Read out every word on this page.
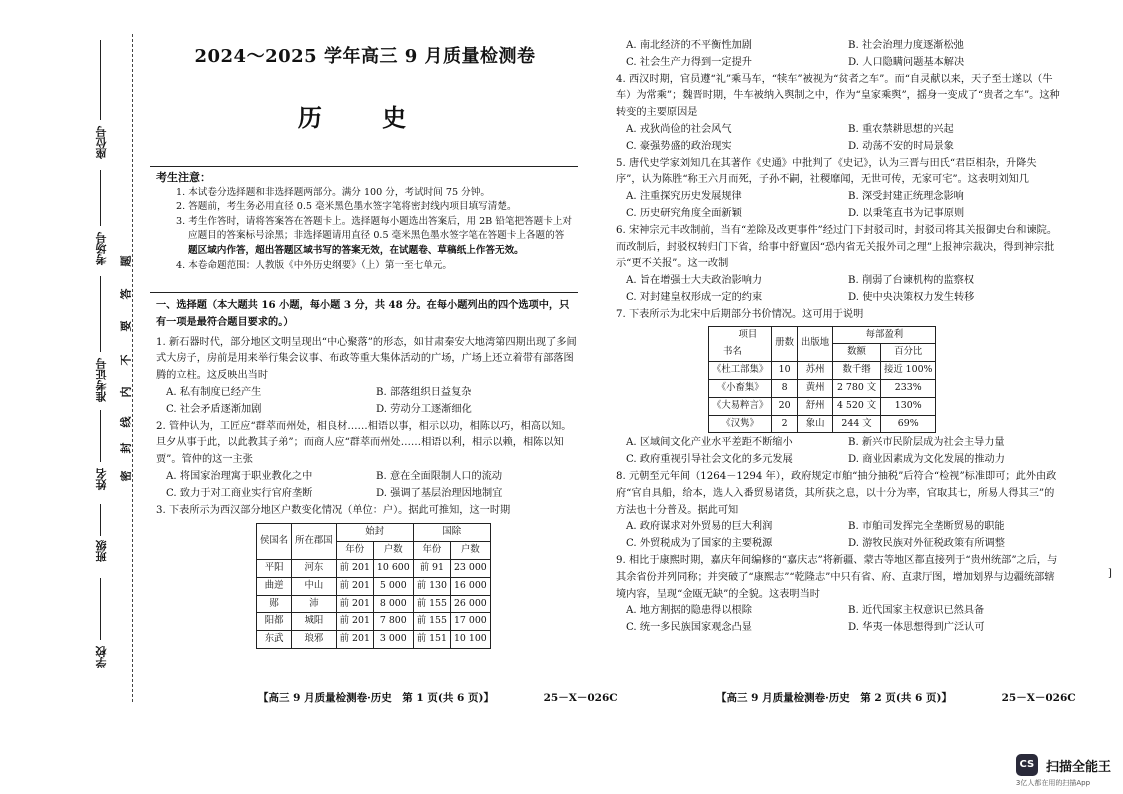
座位号
考场号
准考证号
姓名
班级
学校
题
答
要
不
内
线
封
密
2024～2025 学年高三 9 月质量检测卷
历 史
考生注意：
1. 本试卷分选择题和非选择题两部分。满分 100 分，考试时间 75 分钟。
2. 答题前，考生务必用直径 0.5 毫米黑色墨水签字笔将密封线内项目填写清楚。
3. 考生作答时，请将答案答在答题卡上。选择题每小题选出答案后，用 2B 铅笔把答题卡上对
应题目的答案标号涂黑；非选择题请用直径 0.5 毫米黑色墨水签字笔在答题卡上各题的答
题区域内作答，超出答题区域书写的答案无效，在试题卷、草稿纸上作答无效。
4. 本卷命题范围：人教版《中外历史纲要》（上）第一至七单元。

一、选择题（本大题共 16 小题，每小题 3 分，共 48 分。在每小题列出的四个选项中，只有一项是最符合题目要求的。）

1. 新石器时代，部分地区文明呈现出“中心聚落”的形态，如甘肃秦安大地湾第四期出现了多间式大房子，房前是用来举行集会议事、布政等重大集体活动的广场，广场上还立着带有部落图腾的立柱。这反映出当时

A. 私有制度已经产生	B. 部落组织日益复杂
C. 社会矛盾逐渐加剧	D. 劳动分工逐渐细化

2. 管仲认为，工匠应“群萃而州处，相良材……相语以事，相示以功，相陈以巧，相高以知。旦夕从事于此，以此教其子弟”；而商人应“群萃而州处……相语以利，相示以赖，相陈以知贾”。管仲的这一主张

A. 将国家治理寓于职业教化之中	B. 意在全面限制人口的流动
C. 致力于对工商业实行官府垄断	D. 强调了基层治理因地制宜

3. 下表所示为西汉部分地区户数变化情况（单位：户）。据此可推知，这一时期

侯国名	所在郡国	始封		国除	
		年份	户数	年份	户数
平阳	河东	前 201	10 600	前 91	23 000
曲逆	中山	前 201	5 000	前 130	16 000
郧	沛	前 201	8 000	前 155	26 000
阳都	城阳	前 201	7 800	前 155	17 000
东武	琅邪	前 201	3 000	前 151	10 100
【高三 9 月质量检测卷·历史　第 1 页(共 6 页)】	25－X－026C
A. 南北经济的不平衡性加剧	B. 社会治理力度逐渐松弛
C. 社会生产力得到一定提升	D. 人口隐瞒问题基本解决

4. 西汉时期，官员遵“礼”乘马车，“犊车”被视为“贫者之车”。而“自灵献以来，天子至士遂以（牛车）为常乘”；魏晋时期，牛车被纳入舆制之中，作为“皇家乘舆”，摇身一变成了“贵者之车”。这种转变的主要原因是

A. 戎狄尚俭的社会风气	B. 重农禁耕思想的兴起
C. 豪强势盛的政治现实	D. 动荡不安的时局景象

5. 唐代史学家刘知几在其著作《史通》中批判了《史记》，认为三晋与田氏“君臣相杂，升降失序”，认为陈胜“称王六月而死，子孙不嗣，社稷靡闻，无世可传，无家可宅”。这表明刘知几

A. 注重探究历史发展规律	B. 深受封建正统理念影响
C. 历史研究角度全面新颖	D. 以秉笔直书为记事原则

6. 宋神宗元丰改制前，当有“差除及改更事件”经过门下封驳司时，封驳司将其关报御史台和谏院。而改制后，封驳权转归门下省，给事中舒亶因“恐内省无关报外司之理”上报神宗裁决，得到神宗批示“更不关报”。这一改制

A. 旨在增强士大夫政治影响力	B. 削弱了台谏机构的监察权
C. 对封建皇权形成一定的约束	D. 使中央决策权力发生转移

7. 下表所示为北宋中后期部分书价情况。这可用于说明

项目
书名	册数	出版地	每部盈利	
			数额	百分比
《杜工部集》	10	苏州	数千缗	接近 100%
《小畜集》	8	黄州	2 780 文	233%
《大易粹言》	20	舒州	4 520 文	130%
《汉隽》	2	象山	244 文	69%
A. 区域间文化产业水平差距不断缩小	B. 新兴市民阶层成为社会主导力量
C. 政府重视引导社会文化的多元发展	D. 商业因素成为文化发展的推动力

8. 元朝至元年间（1264－1294 年），政府规定市舶“抽分抽税”后符合“检视”标准即可；此外由政府“官自具船，给本，选人入番贸易诸货，其所获之息，以十分为率，官取其七，所易人得其三”的方法也十分普及。据此可知

A. 政府谋求对外贸易的巨大利润	B. 市舶司发挥完全垄断贸易的职能
C. 外贸税成为了国家的主要税源	D. 游牧民族对外征税政策有所调整

9. 相比于康熙时期，嘉庆年间编修的“嘉庆志”将新疆、蒙古等地区都直接列于“贵州统部”之后，与其余省份并列同称；并突破了“康熙志”“乾隆志”中只有省、府、直隶厅图，增加划界与边疆统部辖境内容，呈现“金瓯无缺”的全貌。这表明当时

A. 地方割据的隐患得以根除	B. 近代国家主权意识已然具备
C. 统一多民族国家观念凸显	D. 华夷一体思想得到广泛认可
【高三 9 月质量检测卷·历史　第 2 页(共 6 页)】	25－X－026C
]
CS 扫描全能王
3亿人都在用的扫描App
